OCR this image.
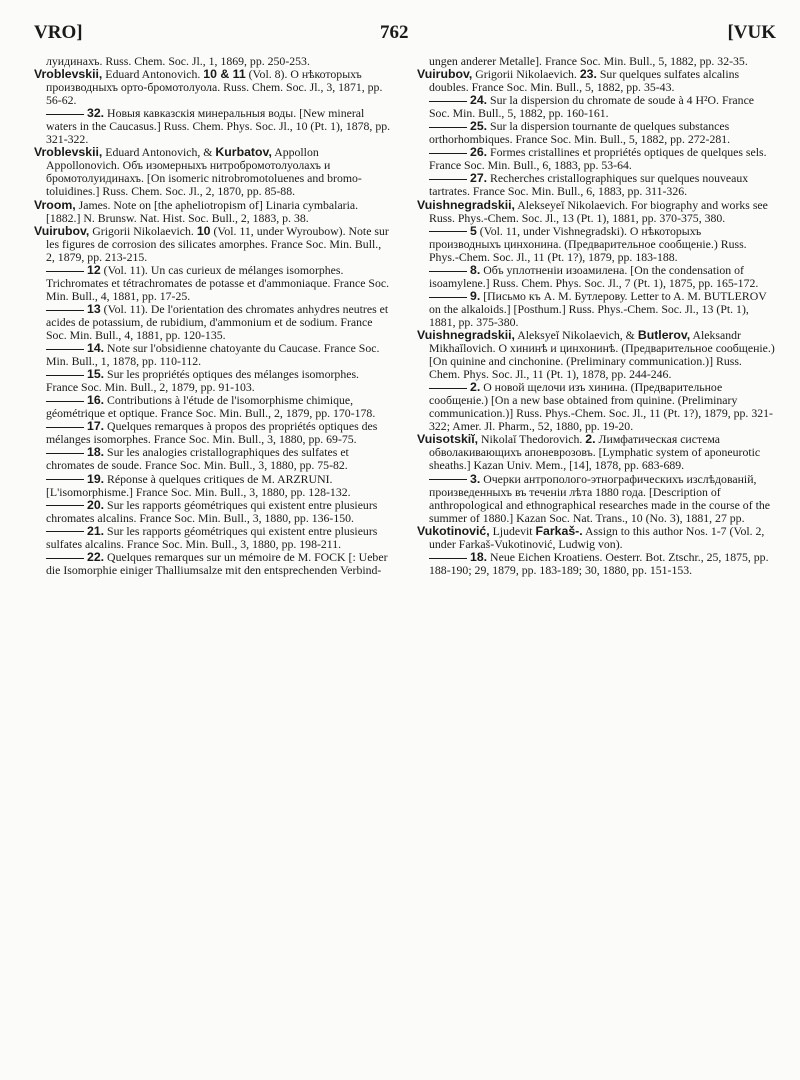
VRO]	762	[VUK

луидинахъ. Russ. Chem. Soc. Jl., 1, 1869, pp. 250-253.

Vroblevskii, Eduard Antonovich. 10 & 11 (Vol. 8). О нѣкоторыхъ производныхъ орто-бромотолуола. Russ. Chem. Soc. Jl., 3, 1871, pp. 56-62.

32. Новыя кавказскія минеральныя воды. [New mineral waters in the Caucasus.] Russ. Chem. Phys. Soc. Jl., 10 (Pt. 1), 1878, pp. 321-322.

Vroblevskii, Eduard Antonovich, & Kurbatov, Appollon Appollonovich. Объ изомерныхъ нитробромотолуолахъ и бромотолуидинахъ. [On isomeric nitrobromotoluenes and bromo-toluidines.] Russ. Chem. Soc. Jl., 2, 1870, pp. 85-88.

Vroom, James. Note on [the apheliotropism of] Linaria cymbalaria. [1882.] N. Brunsw. Nat. Hist. Soc. Bull., 2, 1883, p. 38.

Vuirubov, Grigorii Nikolaevich. 10 (Vol. 11, under Wyroubow). Note sur les figures de corrosion des silicates amorphes. France Soc. Min. Bull., 2, 1879, pp. 213-215.

12 (Vol. 11). Un cas curieux de mélanges isomorphes. Trichromates et tétrachromates de potasse et d'ammoniaque. France Soc. Min. Bull., 4, 1881, pp. 17-25.

13 (Vol. 11). De l'orientation des chromates anhydres neutres et acides de potassium, de rubidium, d'ammonium et de sodium. France Soc. Min. Bull., 4, 1881, pp. 120-135.

14. Note sur l'obsidienne chatoyante du Caucase. France Soc. Min. Bull., 1, 1878, pp. 110-112.

15. Sur les propriétés optiques des mélanges isomorphes. France Soc. Min. Bull., 2, 1879, pp. 91-103.

16. Contributions à l'étude de l'isomorphisme chimique, géométrique et optique. France Soc. Min. Bull., 2, 1879, pp. 170-178.

17. Quelques remarques à propos des propriétés optiques des mélanges isomorphes. France Soc. Min. Bull., 3, 1880, pp. 69-75.

18. Sur les analogies cristallographiques des sulfates et chromates de soude. France Soc. Min. Bull., 3, 1880, pp. 75-82.

19. Réponse à quelques critiques de M. ARZRUNI. [L'isomorphisme.] France Soc. Min. Bull., 3, 1880, pp. 128-132.

20. Sur les rapports géométriques qui existent entre plusieurs chromates alcalins. France Soc. Min. Bull., 3, 1880, pp. 136-150.

21. Sur les rapports géométriques qui existent entre plusieurs sulfates alcalins. France Soc. Min. Bull., 3, 1880, pp. 198-211.

22. Quelques remarques sur un mémoire de M. FOCK [: Ueber die Isomorphie einiger Thalliumsalze mit den entsprechenden Verbind-

ungen anderer Metalle]. France Soc. Min. Bull., 5, 1882, pp. 32-35.

Vuirubov, Grigorii Nikolaevich. 23. Sur quelques sulfates alcalins doubles. France Soc. Min. Bull., 5, 1882, pp. 35-43.

24. Sur la dispersion du chromate de soude à 4 H²O. France Soc. Min. Bull., 5, 1882, pp. 160-161.

25. Sur la dispersion tournante de quelques substances orthorhombiques. France Soc. Min. Bull., 5, 1882, pp. 272-281.

26. Formes cristallines et propriétés optiques de quelques sels. France Soc. Min. Bull., 6, 1883, pp. 53-64.

27. Recherches cristallographiques sur quelques nouveaux tartrates. France Soc. Min. Bull., 6, 1883, pp. 311-326.

Vuishnegradskii, Alekseyeĭ Nikolaevich. For biography and works see Russ. Phys.-Chem. Soc. Jl., 13 (Pt. 1), 1881, pp. 370-375, 380.

5 (Vol. 11, under Vishnegradski). О нѣкоторыхъ производныхъ цинхонина. (Предварительное сообщеніе.) Russ. Phys.-Chem. Soc. Jl., 11 (Pt. 1?), 1879, pp. 183-188.

8. Объ уплотненіи изоамилена. [On the condensation of isoamylene.] Russ. Chem. Phys. Soc. Jl., 7 (Pt. 1), 1875, pp. 165-172.

9. [Письмо къ А. М. Бутлерову. Letter to A. M. BUTLEROV on the alkaloids.] [Posthum.] Russ. Phys.-Chem. Soc. Jl., 13 (Pt. 1), 1881, pp. 375-380.

Vuishnegradskii, Aleksyeĭ Nikolaevich, & Butlerov, Aleksandr Mikhaĭlovich. О хининѣ и цинхонинѣ. (Предварительное сообщеніе.) [On quinine and cinchonine. (Preliminary communication.)] Russ. Chem. Phys. Soc. Jl., 11 (Pt. 1), 1878, pp. 244-246.

2. О новой щелочи изъ хинина. (Предварительное сообщеніе.) [On a new base obtained from quinine. (Preliminary communication.)] Russ. Phys.-Chem. Soc. Jl., 11 (Pt. 1?), 1879, pp. 321-322; Amer. Jl. Pharm., 52, 1880, pp. 19-20.

Vuisotskiĭ, Nikolaĭ Thedorovich. 2. Лимфатическая система обволакивающихъ апоневрозовъ. [Lymphatic system of aponeurotic sheaths.] Kazan Univ. Mem., [14], 1878, pp. 683-689.

3. Очерки антропологo-этнографическихъ изслѣдованій, произведенныхъ въ теченіи лѣта 1880 года. [Description of anthropological and ethnographical researches made in the course of the summer of 1880.] Kazan Soc. Nat. Trans., 10 (No. 3), 1881, 27 pp.

Vukotinović, Ljudevit Farkaš-. Assign to this author Nos. 1-7 (Vol. 2, under Farkaš-Vukotinović, Ludwig von).

18. Neue Eichen Kroatiens. Oesterr. Bot. Ztschr., 25, 1875, pp. 188-190; 29, 1879, pp. 183-189; 30, 1880, pp. 151-153.
